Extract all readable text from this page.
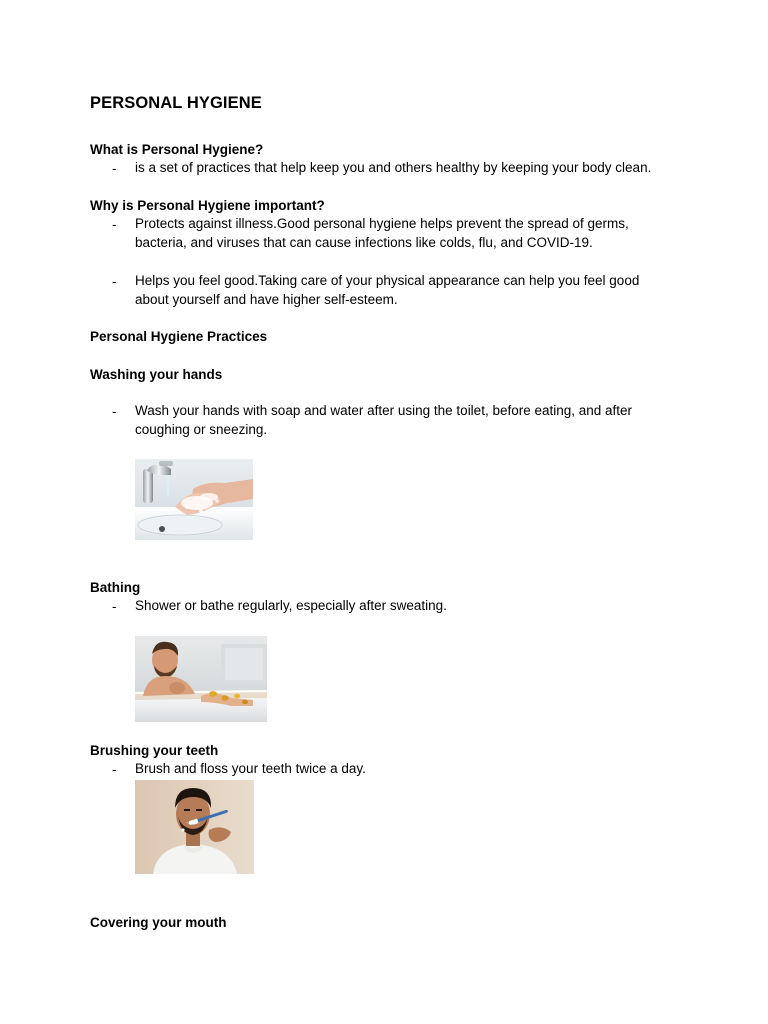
PERSONAL HYGIENE
What is Personal Hygiene?
-	is a set of practices that help keep you and others healthy by keeping your body clean.
Why is Personal Hygiene important?
-	Protects against illness.Good personal hygiene helps prevent the spread of germs, bacteria, and viruses that can cause infections like colds, flu, and COVID-19.
-	Helps you feel good.Taking care of your physical appearance can help you feel good about yourself and have higher self-esteem.
Personal Hygiene Practices
Washing your hands
-	Wash your hands with soap and water after using the toilet, before eating, and after coughing or sneezing.
Bathing
-	Shower or bathe regularly, especially after sweating.
Brushing your teeth
-	Brush and floss your teeth twice a day.
Covering your mouth
